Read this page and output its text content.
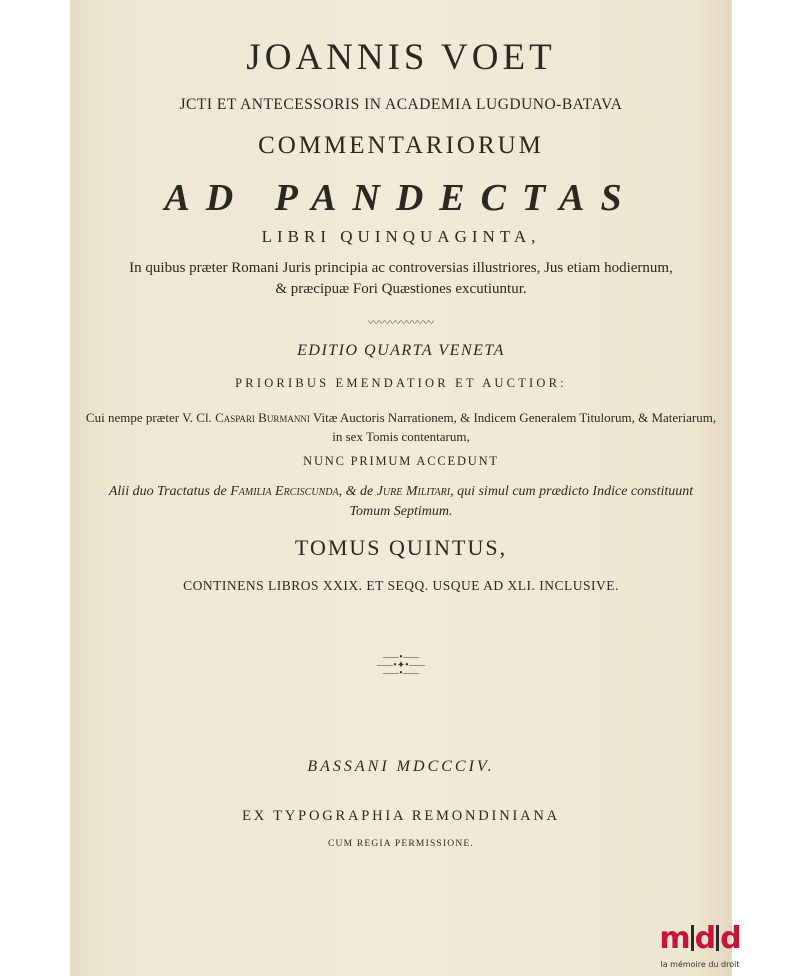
JOANNIS VOET
JCTI ET ANTECESSORIS IN ACADEMIA LUGDUNO-BATAVA
COMMENTARIORUM
AD PANDECTAS
LIBRI QUINQUAGINTA,
In quibus præter Romani Juris principia ac controversias illustriores, Jus etiam hodiernum, & præcipuæ Fori Quæstiones excutiuntur.
〰〰〰〰〰〰
EDITIO QUARTA VENETA
PRIORIBUS EMENDATIOR ET AUCTIOR:
Cui nempe præter V. Cl. Caspari Burmanni Vitæ Auctoris Narrationem, & Indicem Generalem Titulorum, & Materiarum, in sex Tomis contentarum,
NUNC PRIMUM ACCEDUNT
Alii duo Tractatus de Familia Erciscunda, & de Jure Militari, qui simul cum prædicto Indice constituunt Tomum Septimum.
TOMUS QUINTUS,
CONTINENS LIBROS XXIX. ET SEQQ. USQUE AD XLI. INCLUSIVE.
⸺•⸺
⸺•✦•⸺
⸺•⸺
BASSANI MDCCCIV.
EX TYPOGRAPHIA REMONDINIANA
CUM REGIA PERMISSIONE.
m d d
la mémoire du droit
